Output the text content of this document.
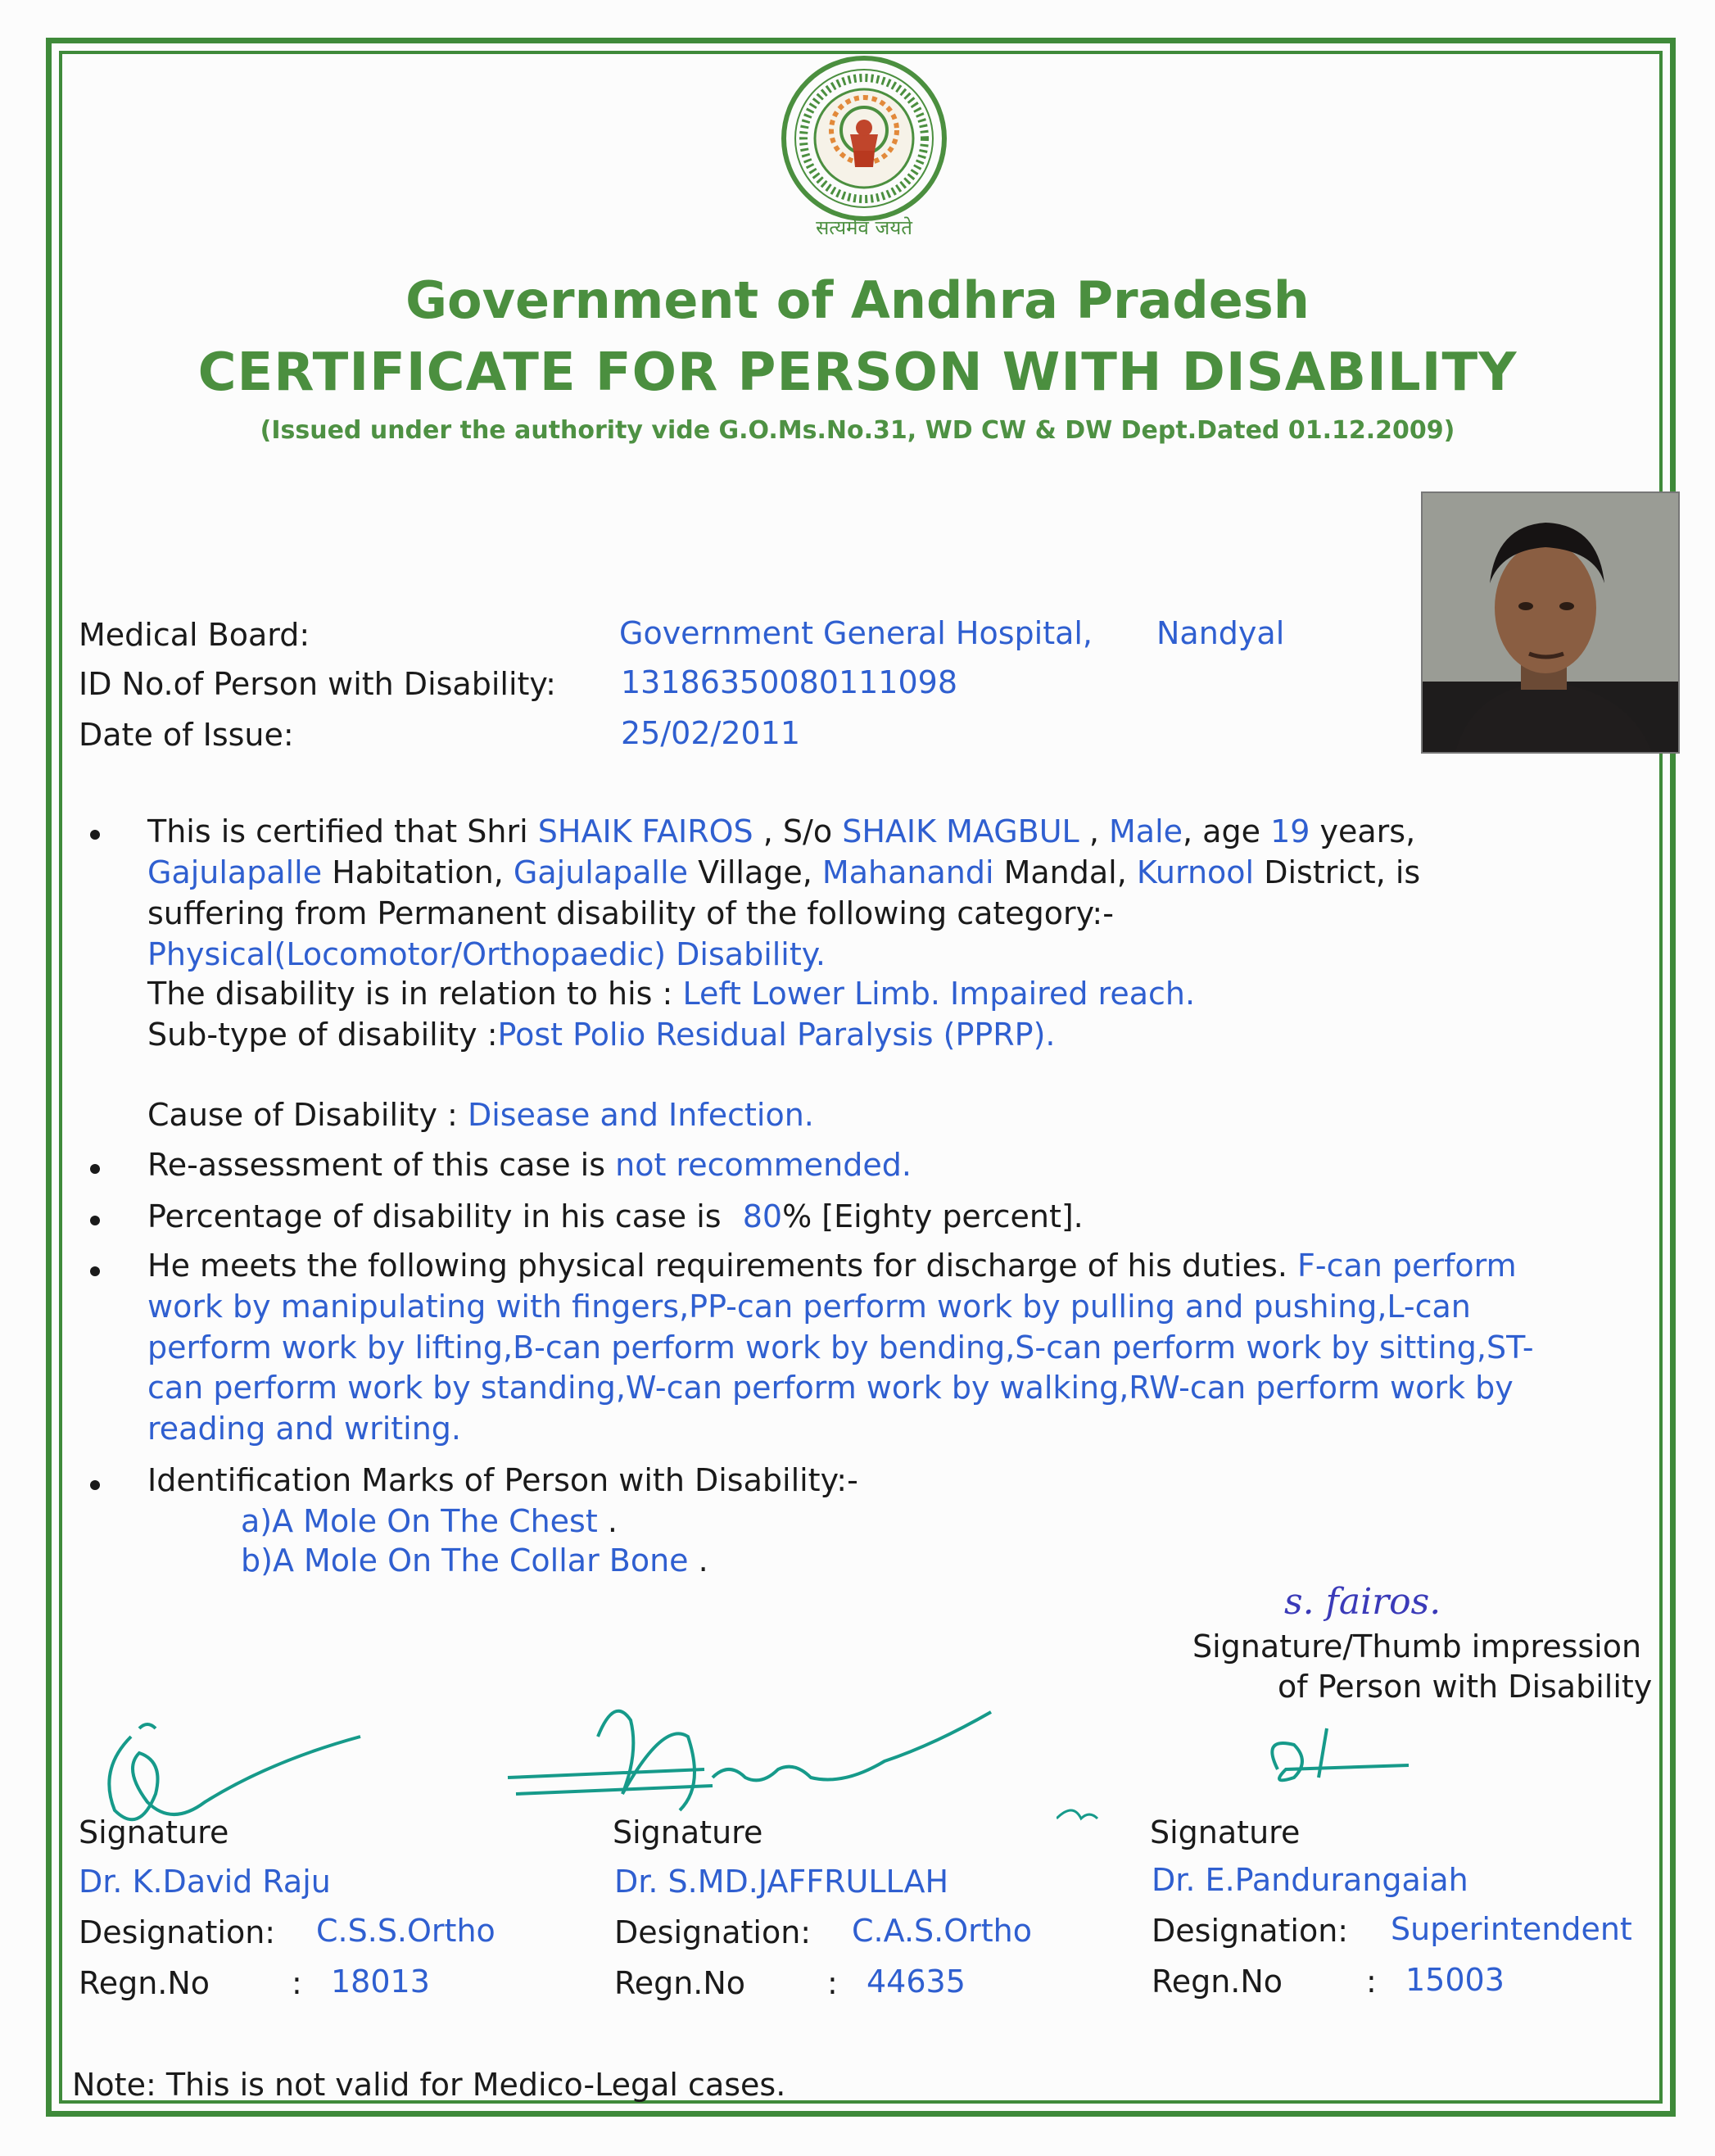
सत्यमेव जयते
Government of Andhra Pradesh
CERTIFICATE FOR PERSON WITH DISABILITY
(Issued under the authority vide G.O.Ms.No.31, WD CW & DW Dept.Dated 01.12.2009)
Medical Board:	Government General Hospital, Nandyal
ID No.of Person with Disability: 13186350080111098
Date of Issue:	25/02/2011
This is certified that Shri SHAIK FAIROS , S/o SHAIK MAGBUL , Male, age 19 years,
Gajulapalle Habitation, Gajulapalle Village, Mahanandi Mandal, Kurnool District, is
suffering from Permanent disability of the following category:-
Physical(Locomotor/Orthopaedic) Disability.
The disability is in relation to his : Left Lower Limb. Impaired reach.
Sub-type of disability :Post Polio Residual Paralysis (PPRP).
Cause of Disability : Disease and Infection.
Re-assessment of this case is not recommended.
Percentage of disability in his case is 80% [Eighty percent].
He meets the following physical requirements for discharge of his duties. F-can perform
work by manipulating with fingers,PP-can perform work by pulling and pushing,L-can
perform work by lifting,B-can perform work by bending,S-can perform work by sitting,ST-
can perform work by standing,W-can perform work by walking,RW-can perform work by
reading and writing.
Identification Marks of Person with Disability:-
a)A Mole On The Chest .
b)A Mole On The Collar Bone .
s. fairos.
Signature/Thumb impression
of Person with Disability
Signature
Dr. K.David Raju
Designation: C.S.S.Ortho
Regn.No	: 18013
Signature
Dr. S.MD.JAFFRULLAH
Designation: C.A.S.Ortho
Regn.No	: 44635
Signature
Dr. E.Pandurangaiah
Designation: Superintendent
Regn.No	: 15003
Note: This is not valid for Medico-Legal cases.
